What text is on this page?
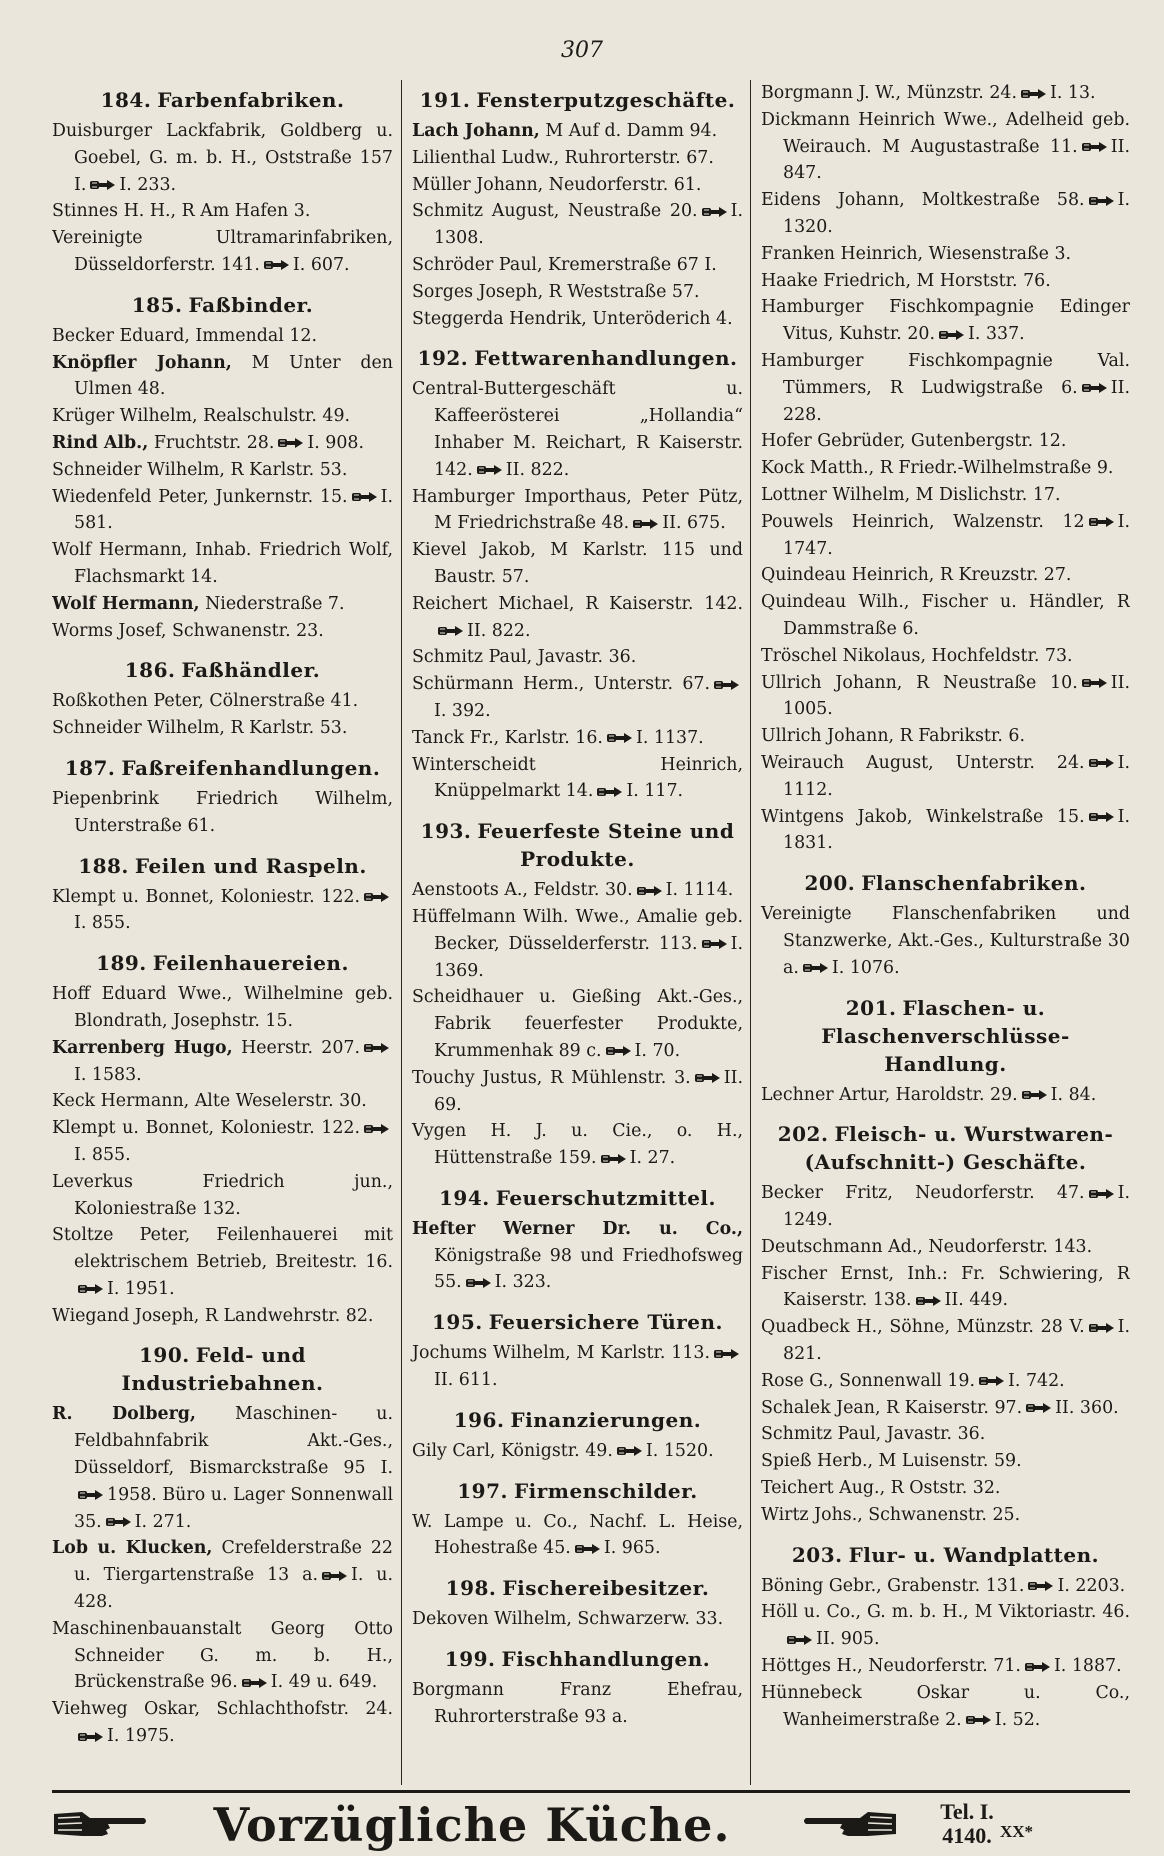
307
184. Farbenfabriken.
Duisburger Lackfabrik, Goldberg u. Goebel, G. m. b. H., Oststraße 157 I. I. 233.
Stinnes H. H., R Am Hafen 3.
Vereinigte Ultramarinfabriken, Düsseldorferstr. 141. I. 607.
185. Faßbinder.
Becker Eduard, Immendal 12.
Knöpfler Johann, M Unter den Ulmen 48.
Krüger Wilhelm, Realschulstr. 49.
Rind Alb., Fruchtstr. 28. I. 908.
Schneider Wilhelm, R Karlstr. 53.
Wiedenfeld Peter, Junkernstr. 15. I. 581.
Wolf Hermann, Inhab. Friedrich Wolf, Flachsmarkt 14.
Wolf Hermann, Niederstraße 7.
Worms Josef, Schwanenstr. 23.
186. Faßhändler.
Roßkothen Peter, Cölnerstraße 41.
Schneider Wilhelm, R Karlstr. 53.
187. Faßreifenhandlungen.
Piepenbrink Friedrich Wilhelm, Unterstraße 61.
188. Feilen und Raspeln.
Klempt u. Bonnet, Koloniestr. 122.
I. 855.
189. Feilenhauereien.
Hoff Eduard Wwe., Wilhelmine geb. Blondrath, Josephstr. 15.
Karrenberg Hugo, Heerstr. 207.
I. 1583.
Keck Hermann, Alte Weselerstr. 30.
Klempt u. Bonnet, Koloniestr. 122.
I. 855.
Leverkus Friedrich jun., Koloniestraße 132.
Stoltze Peter, Feilenhauerei mit elektrischem Betrieb, Breitestr. 16.
I. 1951.
Wiegand Joseph, R Landwehrstr. 82.
190. Feld- und Industriebahnen.
R. Dolberg, Maschinen- u. Feldbahnfabrik Akt.-Ges., Düsseldorf, Bismarckstraße 95 I.
1958. Büro u. Lager Sonnenwall 35. I. 271.
Lob u. Klucken, Crefelderstraße 22 u. Tiergartenstraße 13 a. I. u. 428.
Maschinenbauanstalt Georg Otto Schneider G. m. b. H., Brückenstraße 96. I. 49 u. 649.
Viehweg Oskar, Schlachthofstr. 24.
I. 1975.
191. Fensterputzgeschäfte.
Lach Johann, M Auf d. Damm 94.
Lilienthal Ludw., Ruhrorterstr. 67.
Müller Johann, Neudorferstr. 61.
Schmitz August, Neustraße 20. I. 1308.
Schröder Paul, Kremerstraße 67 I.
Sorges Joseph, R Weststraße 57.
Steggerda Hendrik, Unteröderich 4.
192. Fettwarenhandlungen.
Central-Buttergeschäft u. Kaffeerösterei „Hollandia“ Inhaber M. Reichart, R Kaiserstr. 142. II. 822.
Hamburger Importhaus, Peter Pütz, M Friedrichstraße 48. II. 675.
Kievel Jakob, M Karlstr. 115 und Baustr. 57.
Reichert Michael, R Kaiserstr. 142.
II. 822.
Schmitz Paul, Javastr. 36.
Schürmann Herm., Unterstr. 67.
I. 392.
Tanck Fr., Karlstr. 16. I. 1137.
Winterscheidt Heinrich, Knüppelmarkt 14. I. 117.
193. Feuerfeste Steine und Produkte.
Aenstoots A., Feldstr. 30. I. 1114.
Hüffelmann Wilh. Wwe., Amalie geb. Becker, Düsselderferstr. 113. I. 1369.
Scheidhauer u. Gießing Akt.-Ges., Fabrik feuerfester Produkte, Krummenhak 89 c. I. 70.
Touchy Justus, R Mühlenstr. 3. II. 69.
Vygen H. J. u. Cie., o. H., Hüttenstraße 159. I. 27.
194. Feuerschutzmittel.
Hefter Werner Dr. u. Co., Königstraße 98 und Friedhofsweg 55. I. 323.
195. Feuersichere Türen.
Jochums Wilhelm, M Karlstr. 113.
II. 611.
196. Finanzierungen.
Gily Carl, Königstr. 49. I. 1520.
197. Firmenschilder.
W. Lampe u. Co., Nachf. L. Heise, Hohestraße 45. I. 965.
198. Fischereibesitzer.
Dekoven Wilhelm, Schwarzerw. 33.
199. Fischhandlungen.
Borgmann Franz Ehefrau, Ruhrorterstraße 93 a.
Borgmann J. W., Münzstr. 24. I. 13.
Dickmann Heinrich Wwe., Adelheid geb. Weirauch. M Augustastraße 11. II. 847.
Eidens Johann, Moltkestraße 58. I. 1320.
Franken Heinrich, Wiesenstraße 3.
Haake Friedrich, M Horststr. 76.
Hamburger Fischkompagnie Edinger Vitus, Kuhstr. 20. I. 337.
Hamburger Fischkompagnie Val. Tümmers, R Ludwigstraße 6. II. 228.
Hofer Gebrüder, Gutenbergstr. 12.
Kock Matth., R Friedr.-Wilhelmstraße 9.
Lottner Wilhelm, M Dislichstr. 17.
Pouwels Heinrich, Walzenstr. 12 I. 1747.
Quindeau Heinrich, R Kreuzstr. 27.
Quindeau Wilh., Fischer u. Händler, R Dammstraße 6.
Tröschel Nikolaus, Hochfeldstr. 73.
Ullrich Johann, R Neustraße 10. II. 1005.
Ullrich Johann, R Fabrikstr. 6.
Weirauch August, Unterstr. 24. I. 1112.
Wintgens Jakob, Winkelstraße 15. I. 1831.
200. Flanschenfabriken.
Vereinigte Flanschenfabriken und Stanzwerke, Akt.-Ges., Kulturstraße 30 a. I. 1076.
201. Flaschen- u. Flaschenverschlüsse-Handlung.
Lechner Artur, Haroldstr. 29. I. 84.
202. Fleisch- u. Wurstwaren- (Aufschnitt-) Geschäfte.
Becker Fritz, Neudorferstr. 47. I. 1249.
Deutschmann Ad., Neudorferstr. 143.
Fischer Ernst, Inh.: Fr. Schwiering, R Kaiserstr. 138. II. 449.
Quadbeck H., Söhne, Münzstr. 28 V. I. 821.
Rose G., Sonnenwall 19. I. 742.
Schalek Jean, R Kaiserstr. 97. II. 360.
Schmitz Paul, Javastr. 36.
Spieß Herb., M Luisenstr. 59.
Teichert Aug., R Oststr. 32.
Wirtz Johs., Schwanenstr. 25.
203. Flur- u. Wandplatten.
Böning Gebr., Grabenstr. 131. I. 2203.
Höll u. Co., G. m. b. H., M Viktoriastr. 46.
II. 905.
Höttges H., Neudorferstr. 71. I. 1887.
Hünnebeck Oskar u. Co., Wanheimerstraße 2. I. 52.
Vorzügliche Küche.	Tel. I.
4140. XX*
